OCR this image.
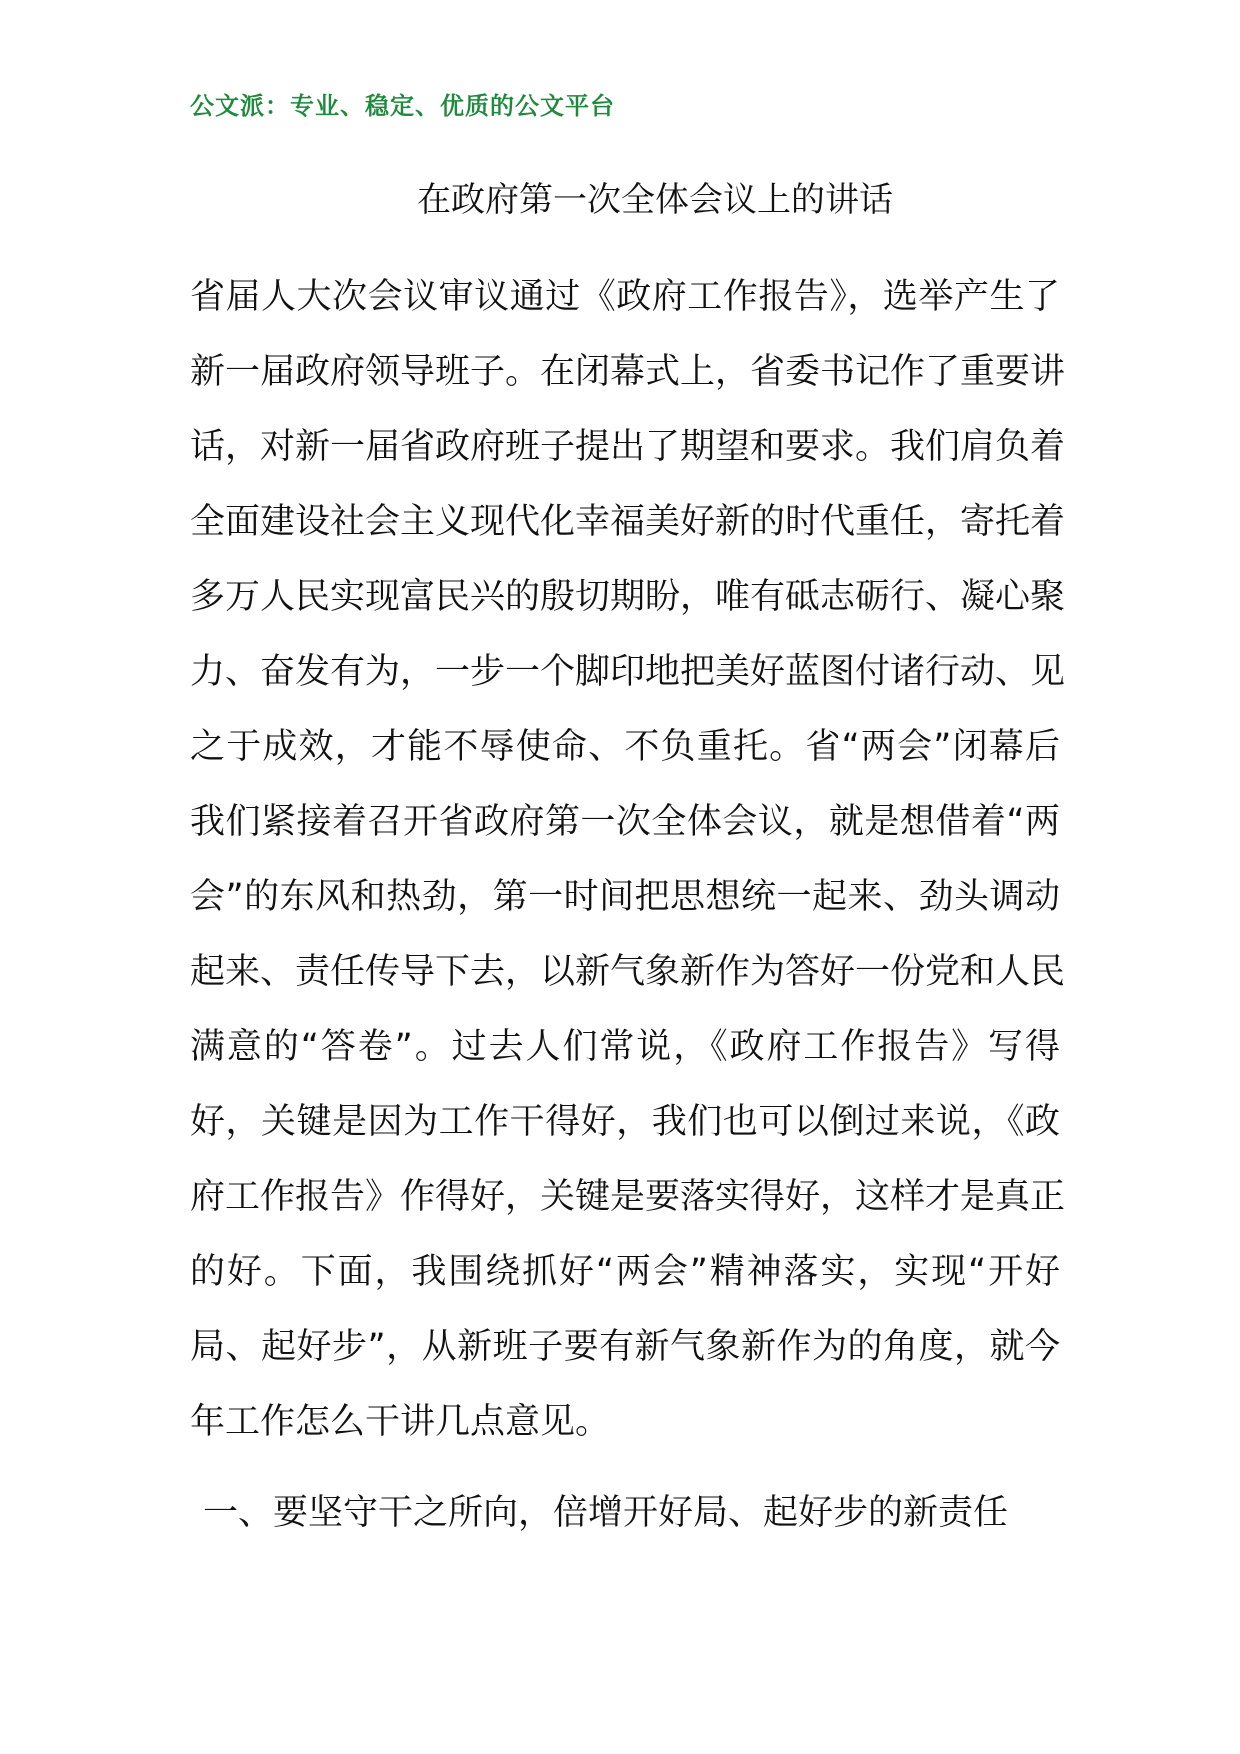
公文派：专业、稳定、优质的公文平台
在政府第一次全体会议上的讲话
省届人大次会议审议通过《政府工作报告》，选举产生了
新一届政府领导班子。在闭幕式上，省委书记作了重要讲
话，对新一届省政府班子提出了期望和要求。我们肩负着
全面建设社会主义现代化幸福美好新的时代重任，寄托着
多万人民实现富民兴的殷切期盼，唯有砥志砺行、凝心聚
力、奋发有为，一步一个脚印地把美好蓝图付诸行动、见
之于成效，才能不辱使命、不负重托。省“两会”闭幕后
我们紧接着召开省政府第一次全体会议，就是想借着“两
会”的东风和热劲，第一时间把思想统一起来、劲头调动
起来、责任传导下去，以新气象新作为答好一份党和人民
满意的“答卷”。过去人们常说，《政府工作报告》写得
好，关键是因为工作干得好，我们也可以倒过来说，《政
府工作报告》作得好，关键是要落实得好，这样才是真正
的好。下面，我围绕抓好“两会”精神落实，实现“开好
局、起好步”，从新班子要有新气象新作为的角度，就今
年工作怎么干讲几点意见。
一、要坚守干之所向，倍增开好局、起好步的新责任
